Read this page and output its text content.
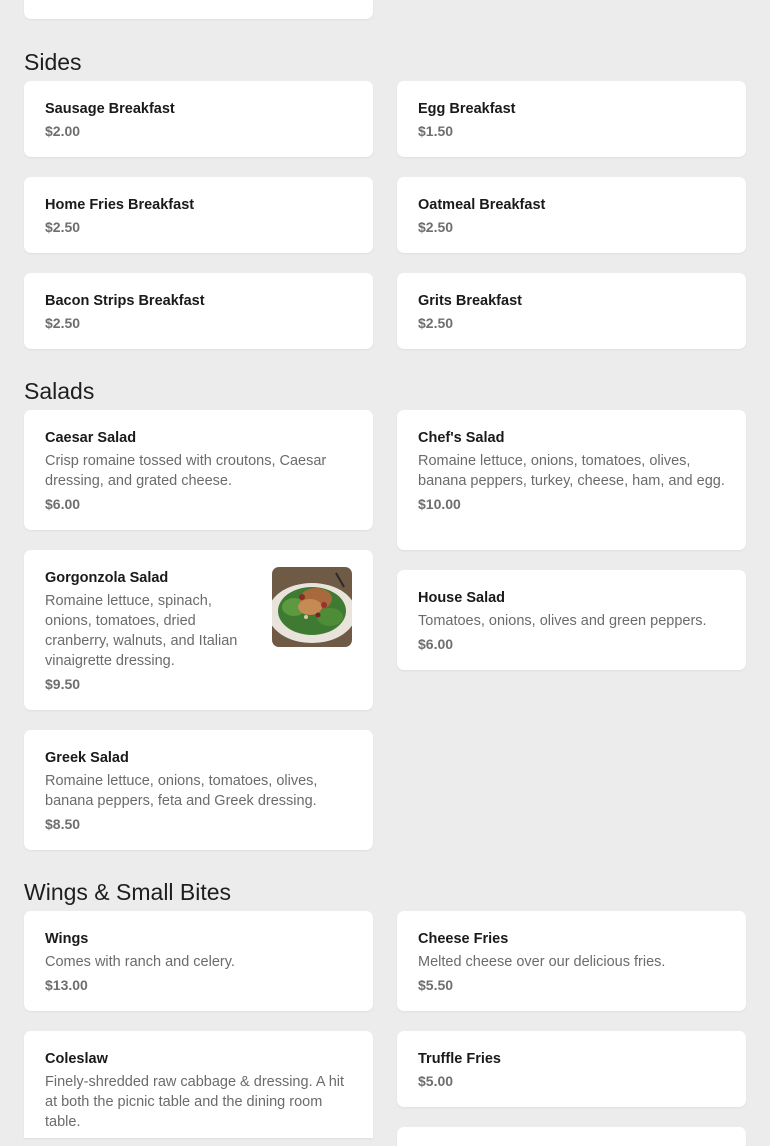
Sides
Sausage Breakfast
$2.00
Egg Breakfast
$1.50
Home Fries Breakfast
$2.50
Oatmeal Breakfast
$2.50
Bacon Strips Breakfast
$2.50
Grits Breakfast
$2.50
Salads
Caesar Salad
Crisp romaine tossed with croutons, Caesar dressing, and grated cheese.
$6.00
Chef's Salad
Romaine lettuce, onions, tomatoes, olives, banana peppers, turkey, cheese, ham, and egg.
$10.00
Gorgonzola Salad
Romaine lettuce, spinach, onions, tomatoes, dried cranberry, walnuts, and Italian vinaigrette dressing.
$9.50
House Salad
Tomatoes, onions, olives and green peppers.
$6.00
Greek Salad
Romaine lettuce, onions, tomatoes, olives, banana peppers, feta and Greek dressing.
$8.50
Wings & Small Bites
Wings
Comes with ranch and celery.
$13.00
Cheese Fries
Melted cheese over our delicious fries.
$5.50
Coleslaw
Finely-shredded raw cabbage & dressing. A hit at both the picnic table and the dining room table.
Truffle Fries
$5.00
